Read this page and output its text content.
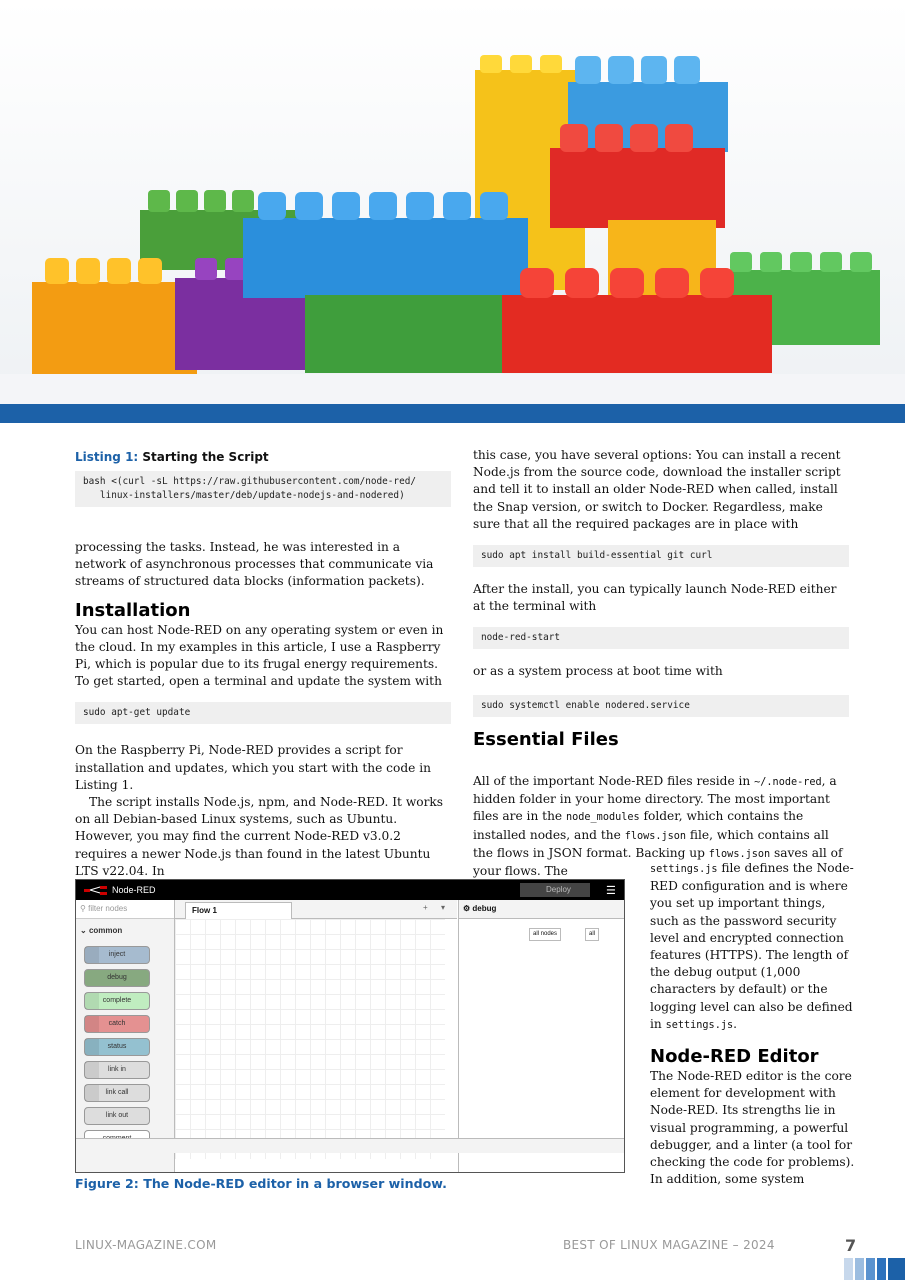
Listing 1: Starting the Script
bash <(curl -sL https://raw.githubusercontent.com/node-red/
linux-installers/master/deb/update-nodejs-and-nodered)

processing the tasks. Instead, he was interested in a network of asynchronous processes that communicate via streams of structured data blocks (information packets).

Installation

You can host Node-RED on any operating system or even in the cloud. In my examples in this article, I use a Raspberry Pi, which is popular due to its frugal energy requirements. To get started, open a terminal and update the system with

sudo apt-get update

On the Raspberry Pi, Node-RED provides a script for installation and updates, which you start with the code in Listing 1.

The script installs Node.js, npm, and Node-RED. It works on all Debian-based Linux systems, such as Ubuntu. However, you may find the current Node-RED v3.0.2 requires a newer Node.js than found in the latest Ubuntu LTS v22.04. In

this case, you have several options: You can install a recent Node.js from the source code, download the installer script and tell it to install an older Node-RED when called, install the Snap version, or switch to Docker. Regardless, make sure that all the required packages are in place with

sudo apt install build-essential git curl

After the install, you can typically launch Node-RED either at the terminal with

node-red-start

or as a system process at boot time with

sudo systemctl enable nodered.service
Essential Files

All of the important Node-RED files reside in ~/.node-red, a hidden folder in your home directory. The most important files are in the node_modules folder, which contains the installed nodes, and the flows.json file, which contains all the flows in JSON format. Backing up flows.json saves all of your flows. The	settings.js file defines the Node-RED configuration and is where you set up important things, such as the password security level and encrypted connection features (HTTPS). The length of the debug output (1,000 characters by default) or the logging level can also be defined in settings.js.

Node-RED Editor

The Node-RED editor is the core element for development with Node-RED. Its strengths lie in visual programming, a powerful debugger, and a linter (a tool for checking the code for problems). In addition, some system

Node-RED	Deploy	☰
⚲ filter nodes
⌄ common
inject
debug
complete
catch
status
link in
link call
link out
Flow 1	+ ▾ ⚙ debug
all nodes	all
Figure 2: The Node-RED editor in a browser window.
LINUX-MAGAZINE.COM	BEST OF LINUX MAGAZINE – 2024	7
